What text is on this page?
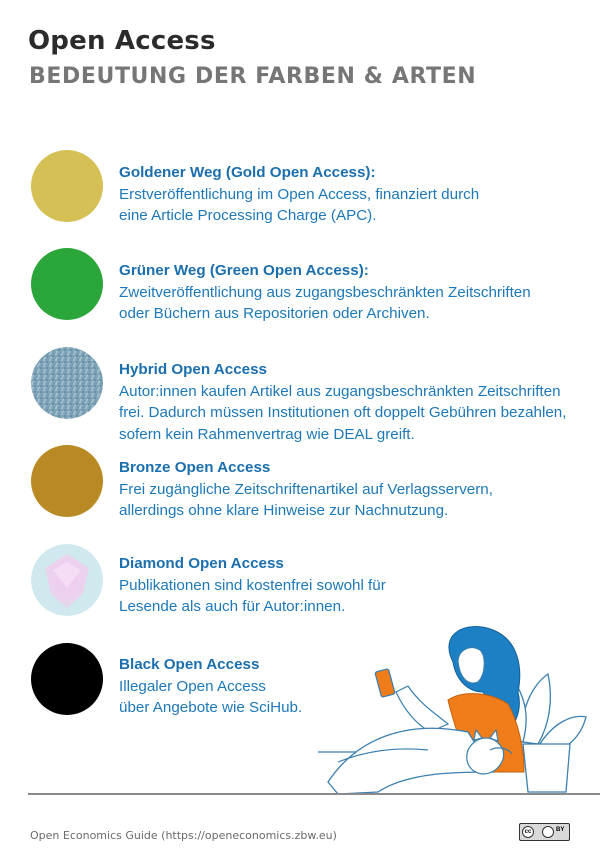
Open Access
BEDEUTUNG DER FARBEN & ARTEN
Goldener Weg (Gold Open Access):
Erstveröffentlichung im Open Access, finanziert durch
eine Article Processing Charge (APC).
Grüner Weg (Green Open Access):
Zweitveröffentlichung aus zugangsbeschränkten Zeitschriften
oder Büchern aus Repositorien oder Archiven.
Hybrid Open Access
Autor:innen kaufen Artikel aus zugangsbeschränkten Zeitschriften
frei. Dadurch müssen Institutionen oft doppelt Gebühren bezahlen,
sofern kein Rahmenvertrag wie DEAL greift.
Bronze Open Access
Frei zugängliche Zeitschriftenartikel auf Verlagsservern,
allerdings ohne klare Hinweise zur Nachnutzung.
Diamond Open Access
Publikationen sind kostenfrei sowohl für
Lesende als auch für Autor:innen.
Black Open Access
Illegaler Open Access
über Angebote wie SciHub.
Open Economics Guide (https://openeconomics.zbw.eu)	cc	BY
